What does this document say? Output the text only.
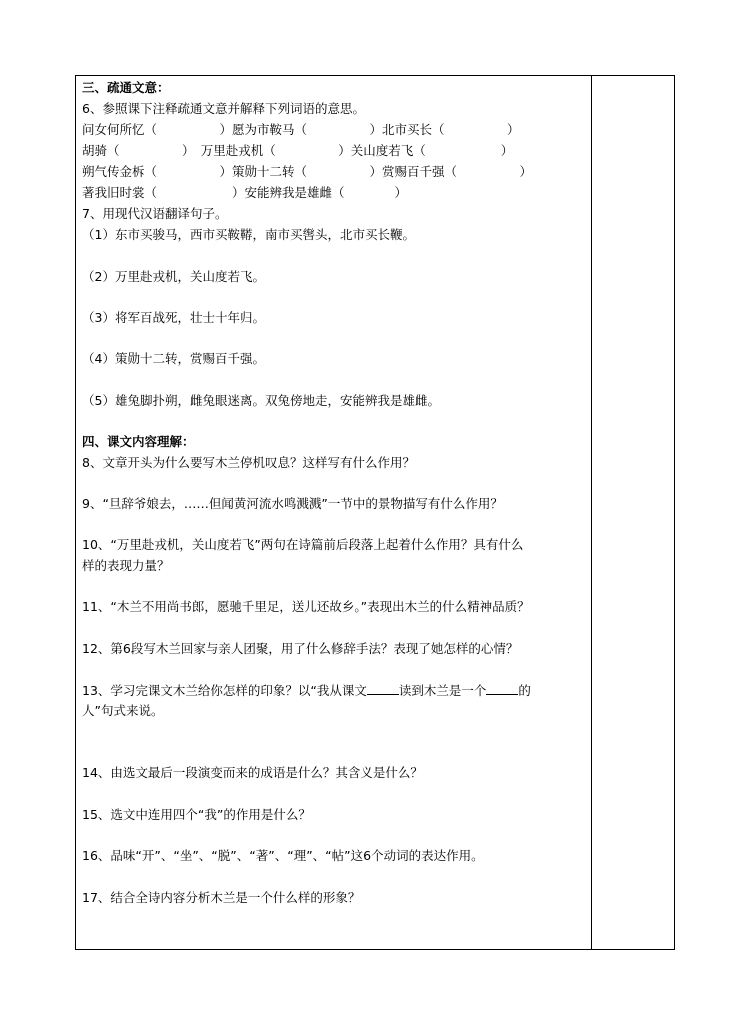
三、疏通文意：
6、参照课下注释疏通文意并解释下列词语的意思。
问女何所忆（　　　　　）愿为市鞍马（　　　　　）北市买长（　　　　　）
胡骑（　　　　　）　万里赴戎机（　　　　　）关山度若飞（　　　　　　）
朔气传金柝（　　　　　）策勋十二转（　　　　　）赏赐百千强（　　　　　）
著我旧时裳（　　　　　　）安能辨我是雄雌（　　　　）
7、用现代汉语翻译句子。
（1）东市买骏马，西市买鞍鞯，南市买辔头，北市买长鞭。
（2）万里赴戎机，关山度若飞。
（3）将军百战死，壮士十年归。
（4）策勋十二转，赏赐百千强。
（5）雄兔脚扑朔，雌兔眼迷离。双兔傍地走，安能辨我是雄雌。
四、课文内容理解：
8、文章开头为什么要写木兰停机叹息？这样写有什么作用？
9、“旦辞爷娘去，……但闻黄河流水鸣溅溅”一节中的景物描写有什么作用？
10、“万里赴戎机，关山度若飞”两句在诗篇前后段落上起着什么作用？具有什么
样的表现力量？
11、“木兰不用尚书郎，愿驰千里足，送儿还故乡。”表现出木兰的什么精神品质？
12、第6段写木兰回家与亲人团聚，用了什么修辞手法？表现了她怎样的心情？
13、学习完课文木兰给你怎样的印象？以“我从课文	读到木兰是一个	的
人”句式来说。
14、由选文最后一段演变而来的成语是什么？其含义是什么？
15、选文中连用四个“我”的作用是什么？
16、品味“开”、“坐”、“脱”、“著”、“理”、“帖”这6个动词的表达作用。
17、结合全诗内容分析木兰是一个什么样的形象？
